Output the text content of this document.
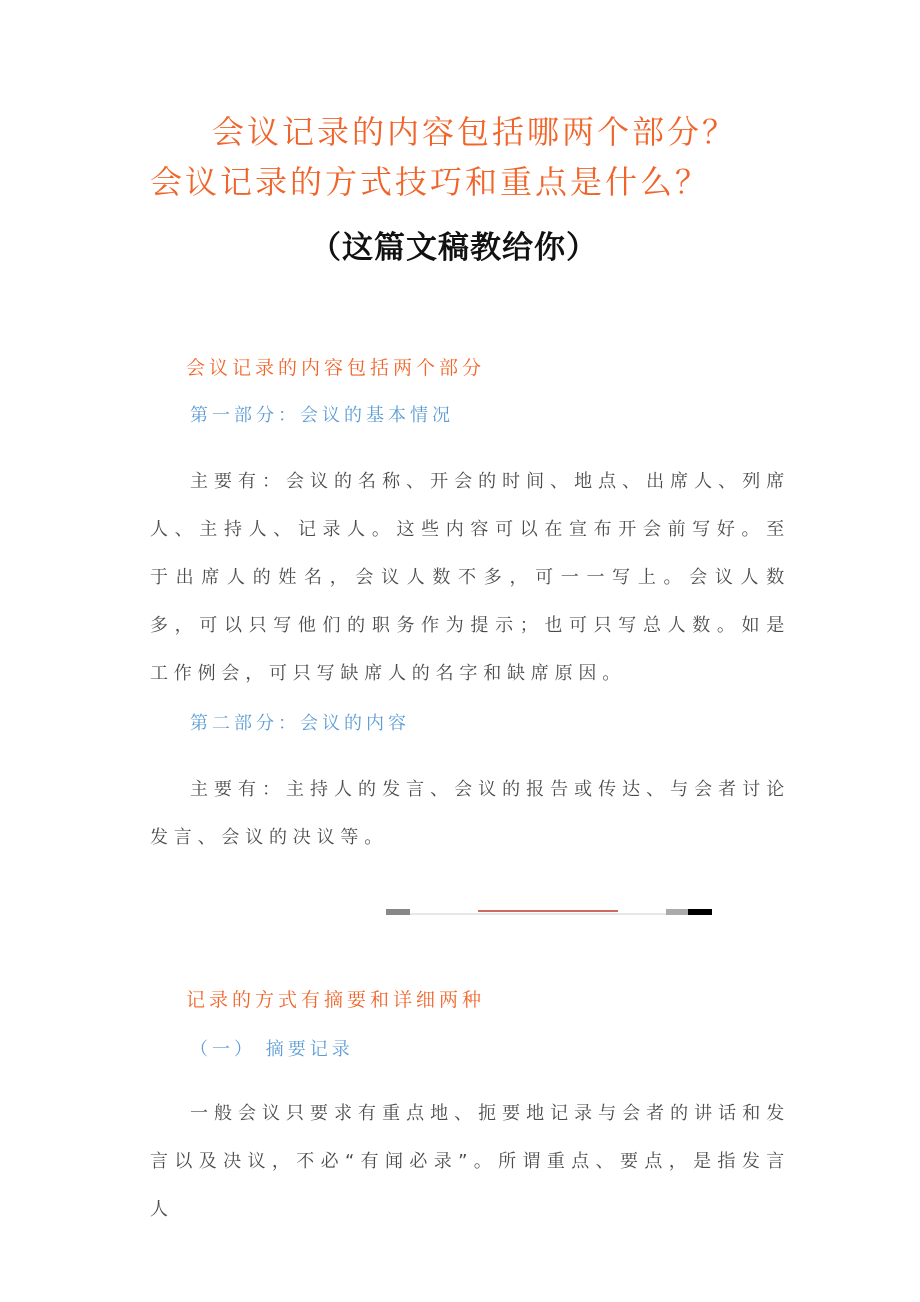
会议记录的内容包括哪两个部分？
会议记录的方式技巧和重点是什么？
（这篇文稿教给你）
会议记录的内容包括两个部分
第一部分：会议的基本情况

主要有：会议的名称、开会的时间、地点、出席人、列席人、主持人、记录人。这些内容可以在宣布开会前写好。至于出席人的姓名，会议人数不多，可一一写上。会议人数多，可以只写他们的职务作为提示；也可只写总人数。如是工作例会，可只写缺席人的名字和缺席原因。

第二部分：会议的内容

主要有：主持人的发言、会议的报告或传达、与会者讨论发言、会议的决议等。

记录的方式有摘要和详细两种
（一） 摘要记录

一般会议只要求有重点地、扼要地记录与会者的讲话和发言以及决议，不必“有闻必录”。所谓重点、要点，是指发言人
